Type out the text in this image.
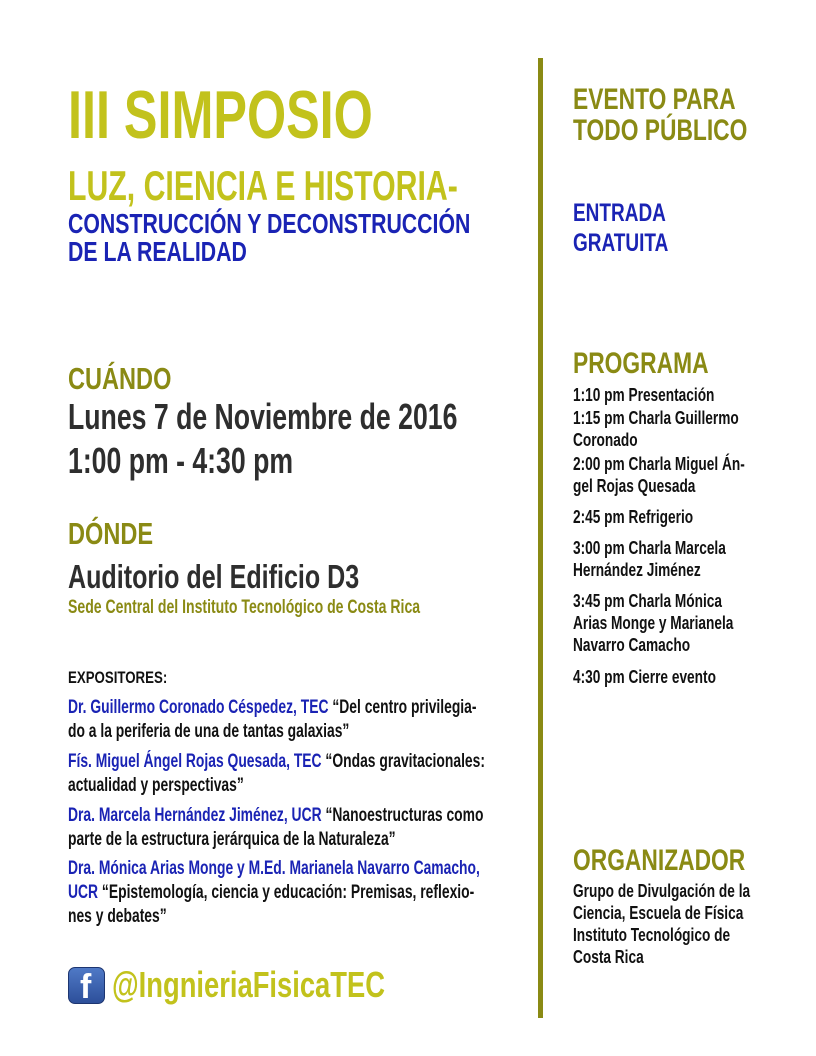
III SIMPOSIO
LUZ, CIENCIA E HISTORIA-
CONSTRUCCIÓN Y DECONSTRUCCIÓN
DE LA REALIDAD
CUÁNDO
Lunes 7 de Noviembre de 2016
1:00 pm - 4:30 pm
DÓNDE
Auditorio del Edificio D3
Sede Central del Instituto Tecnológico de Costa Rica
EXPOSITORES:
Dr. Guillermo Coronado Céspedez, TEC “Del centro privilegia-
do a la periferia de una de tantas galaxias”
Fís. Miguel Ángel Rojas Quesada, TEC “Ondas gravitacionales:
actualidad y perspectivas”
Dra. Marcela Hernández Jiménez, UCR “Nanoestructuras como
parte de la estructura jerárquica de la Naturaleza”
Dra. Mónica Arias Monge y M.Ed. Marianela Navarro Camacho,
UCR “Epistemología, ciencia y educación: Premisas, reflexio-
nes y debates”
f @IngnieriaFisicaTEC
EVENTO PARA
TODO PÚBLICO
ENTRADA
GRATUITA
PROGRAMA
1:10 pm Presentación
1:15 pm Charla Guillermo
Coronado
2:00 pm Charla Miguel Án-
gel Rojas Quesada
2:45 pm Refrigerio
3:00 pm Charla Marcela
Hernández Jiménez
3:45 pm Charla Mónica
Arias Monge y Marianela
Navarro Camacho
4:30 pm Cierre evento
ORGANIZADOR
Grupo de Divulgación de la
Ciencia, Escuela de Física
Instituto Tecnológico de
Costa Rica
